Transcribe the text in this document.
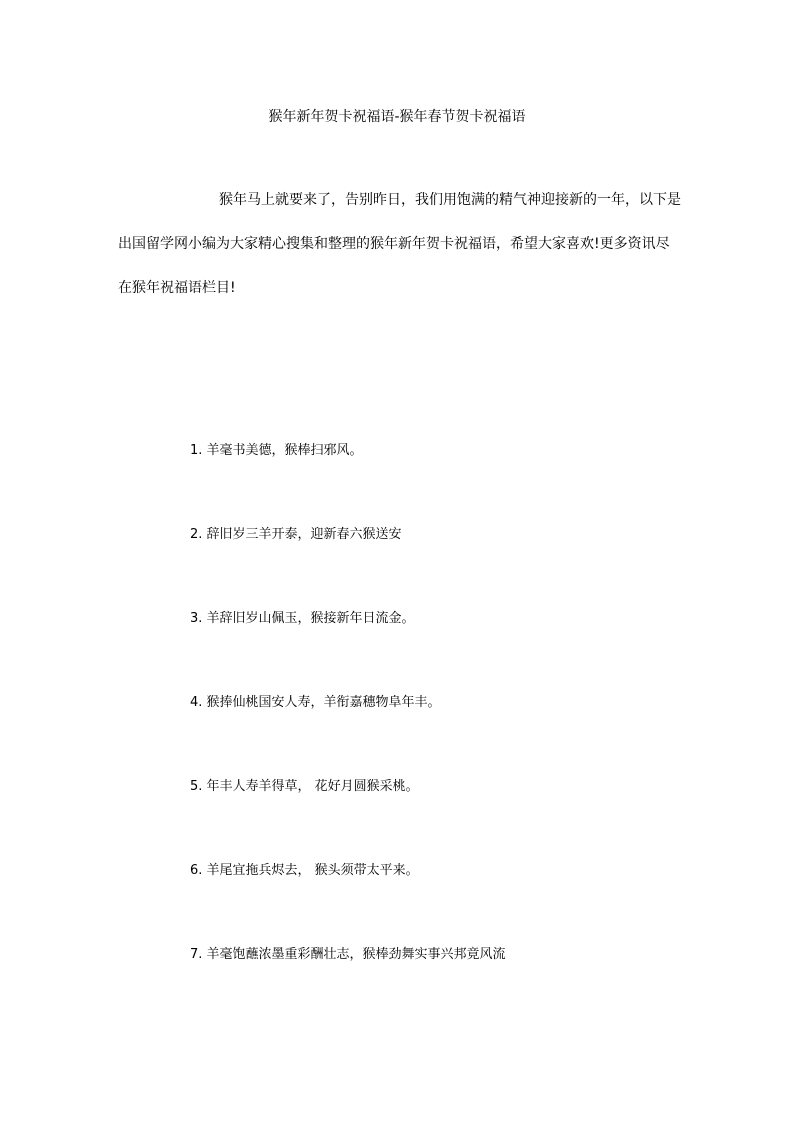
猴年新年贺卡祝福语-猴年春节贺卡祝福语
猴年马上就要来了，告别昨日，我们用饱满的精气神迎接新的一年，以下是
出国留学网小编为大家精心搜集和整理的猴年新年贺卡祝福语，希望大家喜欢!更多资讯尽
在猴年祝福语栏目!
1. 羊毫书美德，猴棒扫邪风。
2. 辞旧岁三羊开泰，迎新春六猴送安
3. 羊辞旧岁山佩玉，猴接新年日流金。
4. 猴捧仙桃国安人寿，羊衔嘉穗物阜年丰。
5. 年丰人寿羊得草， 花好月圆猴采桃。
6. 羊尾宜拖兵烬去， 猴头须带太平来。
7. 羊毫饱蘸浓墨重彩酬壮志，猴棒劲舞实事兴邦竟风流
